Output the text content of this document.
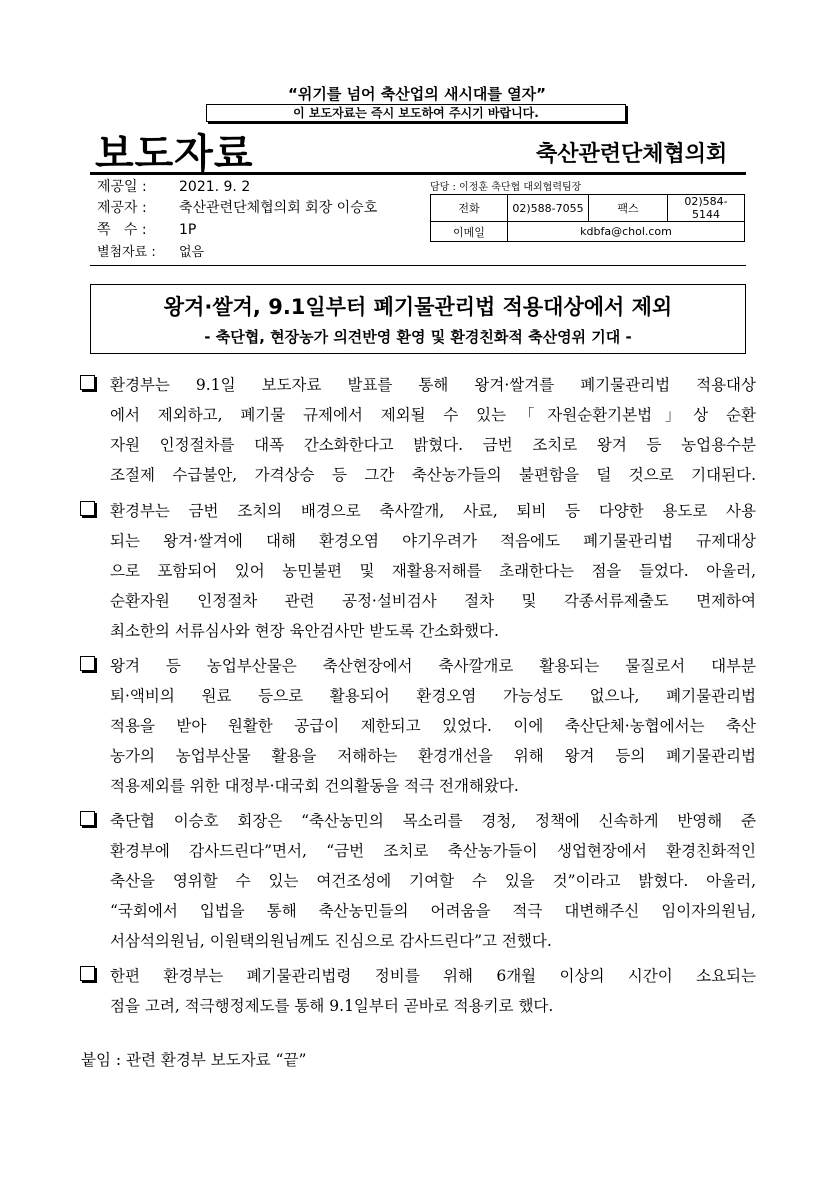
“위기를 넘어 축산업의 새시대를 열자”
이 보도자료는 즉시 보도하여 주시기 바랍니다.
보도자료	축산관련단체협의회
제공일 : 2021. 9. 2
제공자 : 축산관련단체협의회 회장 이승호
쪽   수 : 1P
별첨자료 : 없음
담당 : 이정훈 축단협 대외협력팀장
전화	02)588-7055	팩스	02)584-5144
이메일	kdbfa@chol.com		
왕겨·쌀겨, 9.1일부터 폐기물관리법 적용대상에서 제외
- 축단협, 현장농가 의견반영 환영 및 환경친화적 축산영위 기대 -
환경부는 9.1일 보도자료 발표를 통해 왕겨·쌀겨를 폐기물관리법 적용대상
에서 제외하고, 폐기물 규제에서 제외될 수 있는「자원순환기본법」상 순환
자원 인정절차를 대폭 간소화한다고 밝혔다. 금번 조치로 왕겨 등 농업용수분
조절제 수급불안, 가격상승 등 그간 축산농가들의 불편함을 덜 것으로 기대된다.
환경부는 금번 조치의 배경으로 축사깔개, 사료, 퇴비 등 다양한 용도로 사용
되는 왕겨·쌀겨에 대해 환경오염 야기우려가 적음에도 폐기물관리법 규제대상
으로 포함되어 있어 농민불편 및 재활용저해를 초래한다는 점을 들었다. 아울러,
순환자원 인정절차 관련 공정·설비검사 절차 및 각종서류제출도 면제하여
최소한의 서류심사와 현장 육안검사만 받도록 간소화했다.
왕겨 등 농업부산물은 축산현장에서 축사깔개로 활용되는 물질로서 대부분
퇴·액비의 원료 등으로 활용되어 환경오염 가능성도 없으나, 폐기물관리법
적용을 받아 원활한 공급이 제한되고 있었다. 이에 축산단체·농협에서는 축산
농가의 농업부산물 활용을 저해하는 환경개선을 위해 왕겨 등의 폐기물관리법
적용제외를 위한 대정부·대국회 건의활동을 적극 전개해왔다.
축단협 이승호 회장은 “축산농민의 목소리를 경청, 정책에 신속하게 반영해 준
환경부에 감사드린다”면서, “금번 조치로 축산농가들이 생업현장에서 환경친화적인
축산을 영위할 수 있는 여건조성에 기여할 수 있을 것”이라고 밝혔다. 아울러,
“국회에서 입법을 통해 축산농민들의 어려움을 적극 대변해주신 임이자의원님,
서삼석의원님, 이원택의원님께도 진심으로 감사드린다”고 전했다.
한편 환경부는 폐기물관리법령 정비를 위해 6개월 이상의 시간이 소요되는
점을 고려, 적극행정제도를 통해 9.1일부터 곧바로 적용키로 했다.
붙임 : 관련 환경부 보도자료 “끝”
